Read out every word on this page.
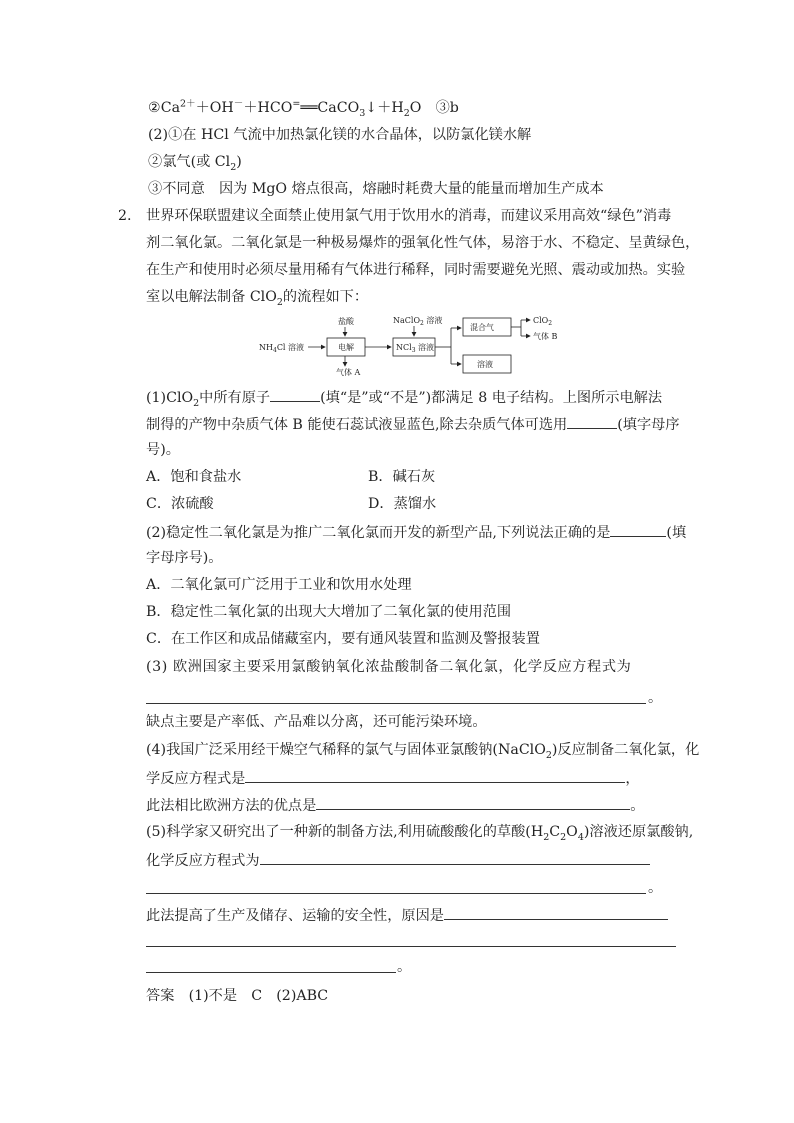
$②Ca^{2+}+OH^-+HCO^=══CaCO_3↓+H_2O$　③b
(2)①在 HCl 气流中加热氯化镁的水合晶体，以防氯化镁水解
②氯气(或 $Cl_2$)
③不同意　因为 MgO 熔点很高，熔融时耗费大量的能量而增加生产成本
2. 世界环保联盟建议全面禁止使用氯气用于饮用水的消毒，而建议采用高效“绿色”消毒
剂二氧化氯。二氧化氯是一种极易爆炸的强氧化性气体，易溶于水、不稳定、呈黄绿色，
在生产和使用时必须尽量用稀有气体进行稀释，同时需要避免光照、震动或加热。实验
室以电解法制备 ClO$_2$的流程如下：
盐酸
$NH_4Cl$ 溶液	电解
气体 A
NaClO$_2$ 溶液
NCl$_3$ 溶液
混合气
溶液
ClO$_2$
气体 B
(1)ClO$_2$中所有原子	(填“是”或“不是”)都满足 8 电子结构。上图所示电解法
制得的产物中杂质气体 B 能使石蕊试液显蓝色,除去杂质气体可选用	(填字母序
号)。
A．饱和食盐水	B．碱石灰
C．浓硫酸	D．蒸馏水
(2)稳定性二氧化氯是为推广二氧化氯而开发的新型产品,下列说法正确的是	(填
字母序号)。
A．二氧化氯可广泛用于工业和饮用水处理
B．稳定性二氧化氯的出现大大增加了二氧化氯的使用范围
C．在工作区和成品储藏室内，要有通风装置和监测及警报装置
(3) 欧洲国家主要采用氯酸钠氧化浓盐酸制备二氧化氯，化学反应方程式为
。
缺点主要是产率低、产品难以分离，还可能污染环境。
(4)我国广泛采用经干燥空气稀释的氯气与固体亚氯酸钠(NaClO$_2$)反应制备二氧化氯，化
学反应方程式是	，
此法相比欧洲方法的优点是	。
(5)科学家又研究出了一种新的制备方法,利用硫酸酸化的草酸$(H_2C_2O_4)$溶液还原氯酸钠,
化学反应方程式为
。
此法提高了生产及储存、运输的安全性，原因是
。
答案　(1)不是　C　(2)ABC
